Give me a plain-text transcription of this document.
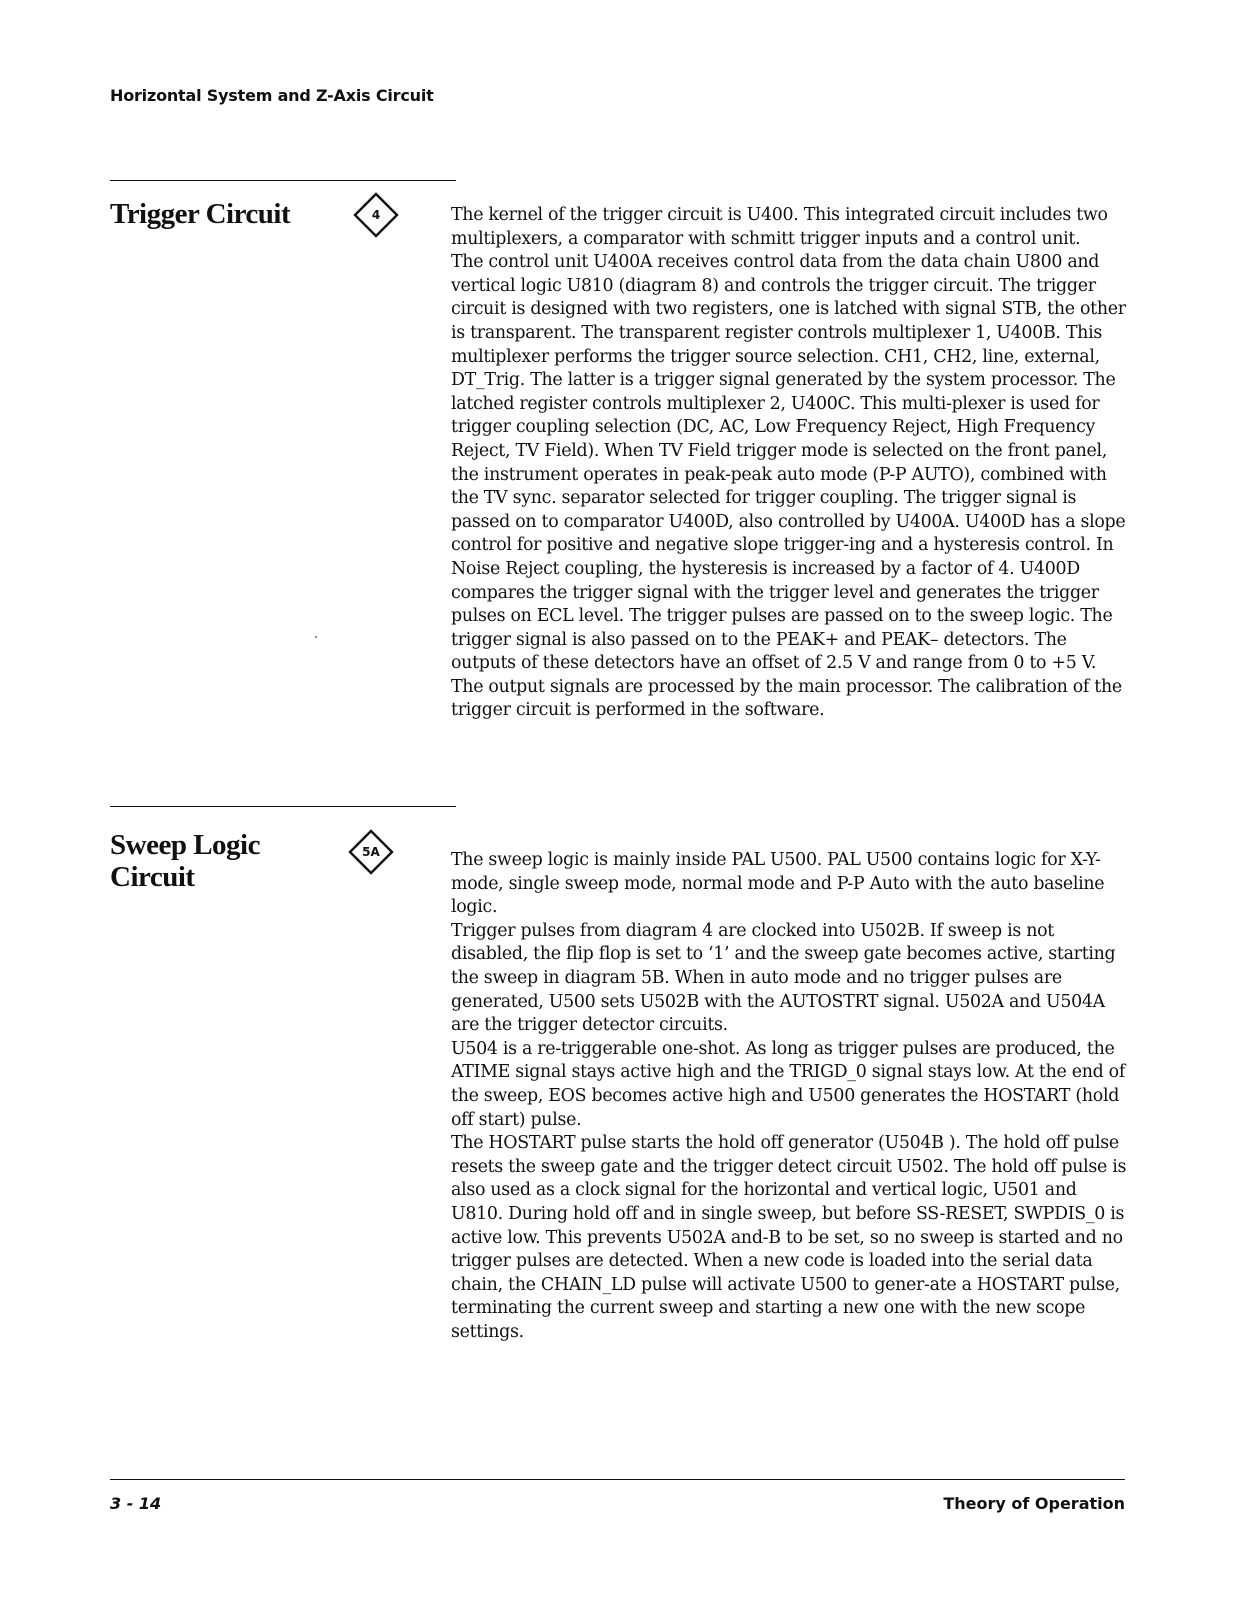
Horizontal System and Z-Axis Circuit
Trigger Circuit	4	The kernel of the trigger circuit is U400. This integrated circuit includes two multiplexers, a comparator with schmitt trigger inputs and a control unit.

The control unit U400A receives control data from the data chain U800 and vertical logic U810 (diagram 8) and controls the trigger circuit. The trigger circuit is designed with two registers, one is latched with signal STB, the other is transparent. The transparent register controls multiplexer 1, U400B. This multiplexer performs the trigger source selection. CH1, CH2, line, external, DT_Trig. The latter is a trigger signal generated by the system processor. The latched register controls multiplexer 2, U400C. This multi-plexer is used for trigger coupling selection (DC, AC, Low Frequency Reject, High Frequency Reject, TV Field). When TV Field trigger mode is selected on the front panel, the instrument operates in peak-peak auto mode (P-P AUTO), combined with the TV sync. separator selected for trigger coupling. The trigger signal is passed on to comparator U400D, also controlled by U400A. U400D has a slope control for positive and negative slope trigger-ing and a hysteresis control. In Noise Reject coupling, the hysteresis is increased by a factor of 4. U400D compares the trigger signal with the trigger level and generates the trigger pulses on ECL level. The trigger pulses are passed on to the sweep logic. The trigger signal is also passed on to the PEAK+ and PEAK– detectors. The outputs of these detectors have an offset of 2.5 V and range from 0 to +5 V. The output signals are processed by the main processor. The calibration of the trigger circuit is performed in the software.

Sweep Logic
Circuit
5A	The sweep logic is mainly inside PAL U500. PAL U500 contains logic for X-Y-mode, single sweep mode, normal mode and P-P Auto with the auto baseline logic.

Trigger pulses from diagram 4 are clocked into U502B. If sweep is not disabled, the flip flop is set to ‘1’ and the sweep gate becomes active, starting the sweep in diagram 5B. When in auto mode and no trigger pulses are generated, U500 sets U502B with the AUTOSTRT signal. U502A and U504A are the trigger detector circuits.

U504 is a re-triggerable one-shot. As long as trigger pulses are produced, the ATIME signal stays active high and the TRIGD_0 signal stays low. At the end of the sweep, EOS becomes active high and U500 generates the HOSTART (hold off start) pulse.

The HOSTART pulse starts the hold off generator (U504B ). The hold off pulse resets the sweep gate and the trigger detect circuit U502. The hold off pulse is also used as a clock signal for the horizontal and vertical logic, U501 and U810. During hold off and in single sweep, but before SS-RESET, SWPDIS_0 is active low. This prevents U502A and-B to be set, so no sweep is started and no trigger pulses are detected. When a new code is loaded into the serial data chain, the CHAIN_LD pulse will activate U500 to gener-ate a HOSTART pulse, terminating the current sweep and starting a new one with the new scope settings.

3 - 14	Theory of Operation
